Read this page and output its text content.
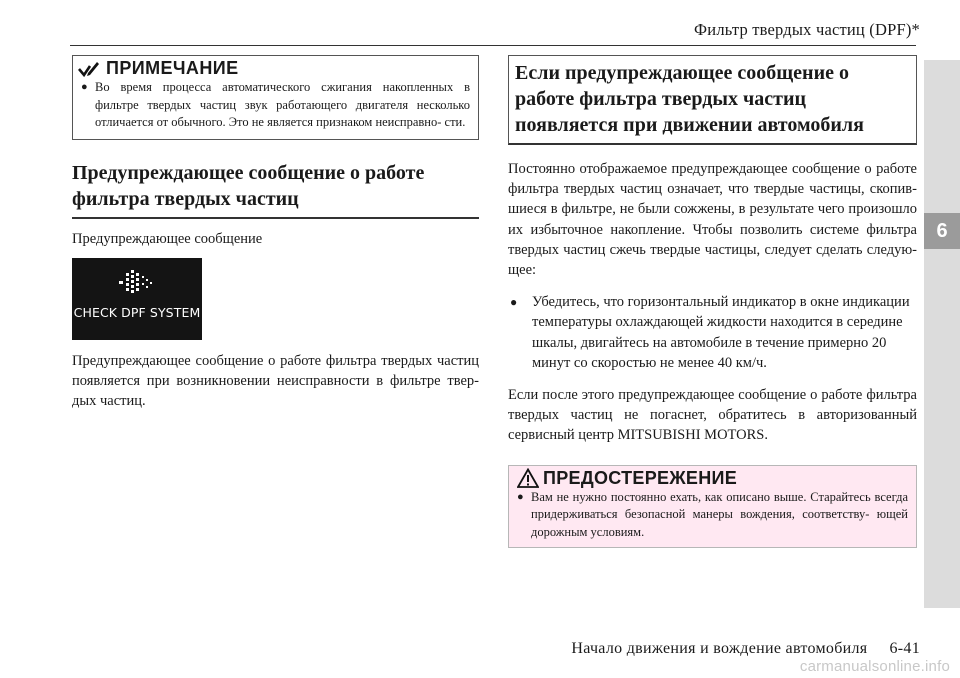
Фильтр твердых частиц (DPF)*
6
ПРИМЕЧАНИЕ
● Во время процесса автоматического сжигания накопленных в фильтре твердых частиц звук работающего двигателя несколько отличается от обычного. Это не является признаком неисправно- сти.
Предупреждающее сообщение о работе фильтра твердых частиц
Предупреждающее сообщение
CHECK DPF SYSTEM

Предупреждающее сообщение о работе фильтра твердых частиц появляется при возникновении неисправности в фильтре твер- дых частиц.

Если предупреждающее сообщение о работе фильтра твердых частиц появляется при движении автомобиля

Постоянно отображаемое предупреждающее сообщение о работе фильтра твердых частиц означает, что твердые частицы, скопив- шиеся в фильтре, не были сожжены, в результате чего произошло их избыточное накопление. Чтобы позволить системе фильтра твердых частиц сжечь твердые частицы, следует сделать следую- щее:

●	Убедитесь, что горизонтальный индикатор в окне индикации температуры охлаждающей жидкости находится в середине шкалы, двигайтесь на автомобиле в течение примерно 20 минут со скоростью не менее 40 км/ч.

Если после этого предупреждающее сообщение о работе фильтра твердых частиц не погаснет, обратитесь в авторизованный сервисный центр MITSUBISHI MOTORS.

ПРЕДОСТЕРЕЖЕНИЕ
● Вам не нужно постоянно ехать, как описано выше. Старайтесь всегда придерживаться безопасной манеры вождения, соответству- ющей дорожным условиям.
Начало движения и вождение автомобиля 6-41
carmanualsonline.info
